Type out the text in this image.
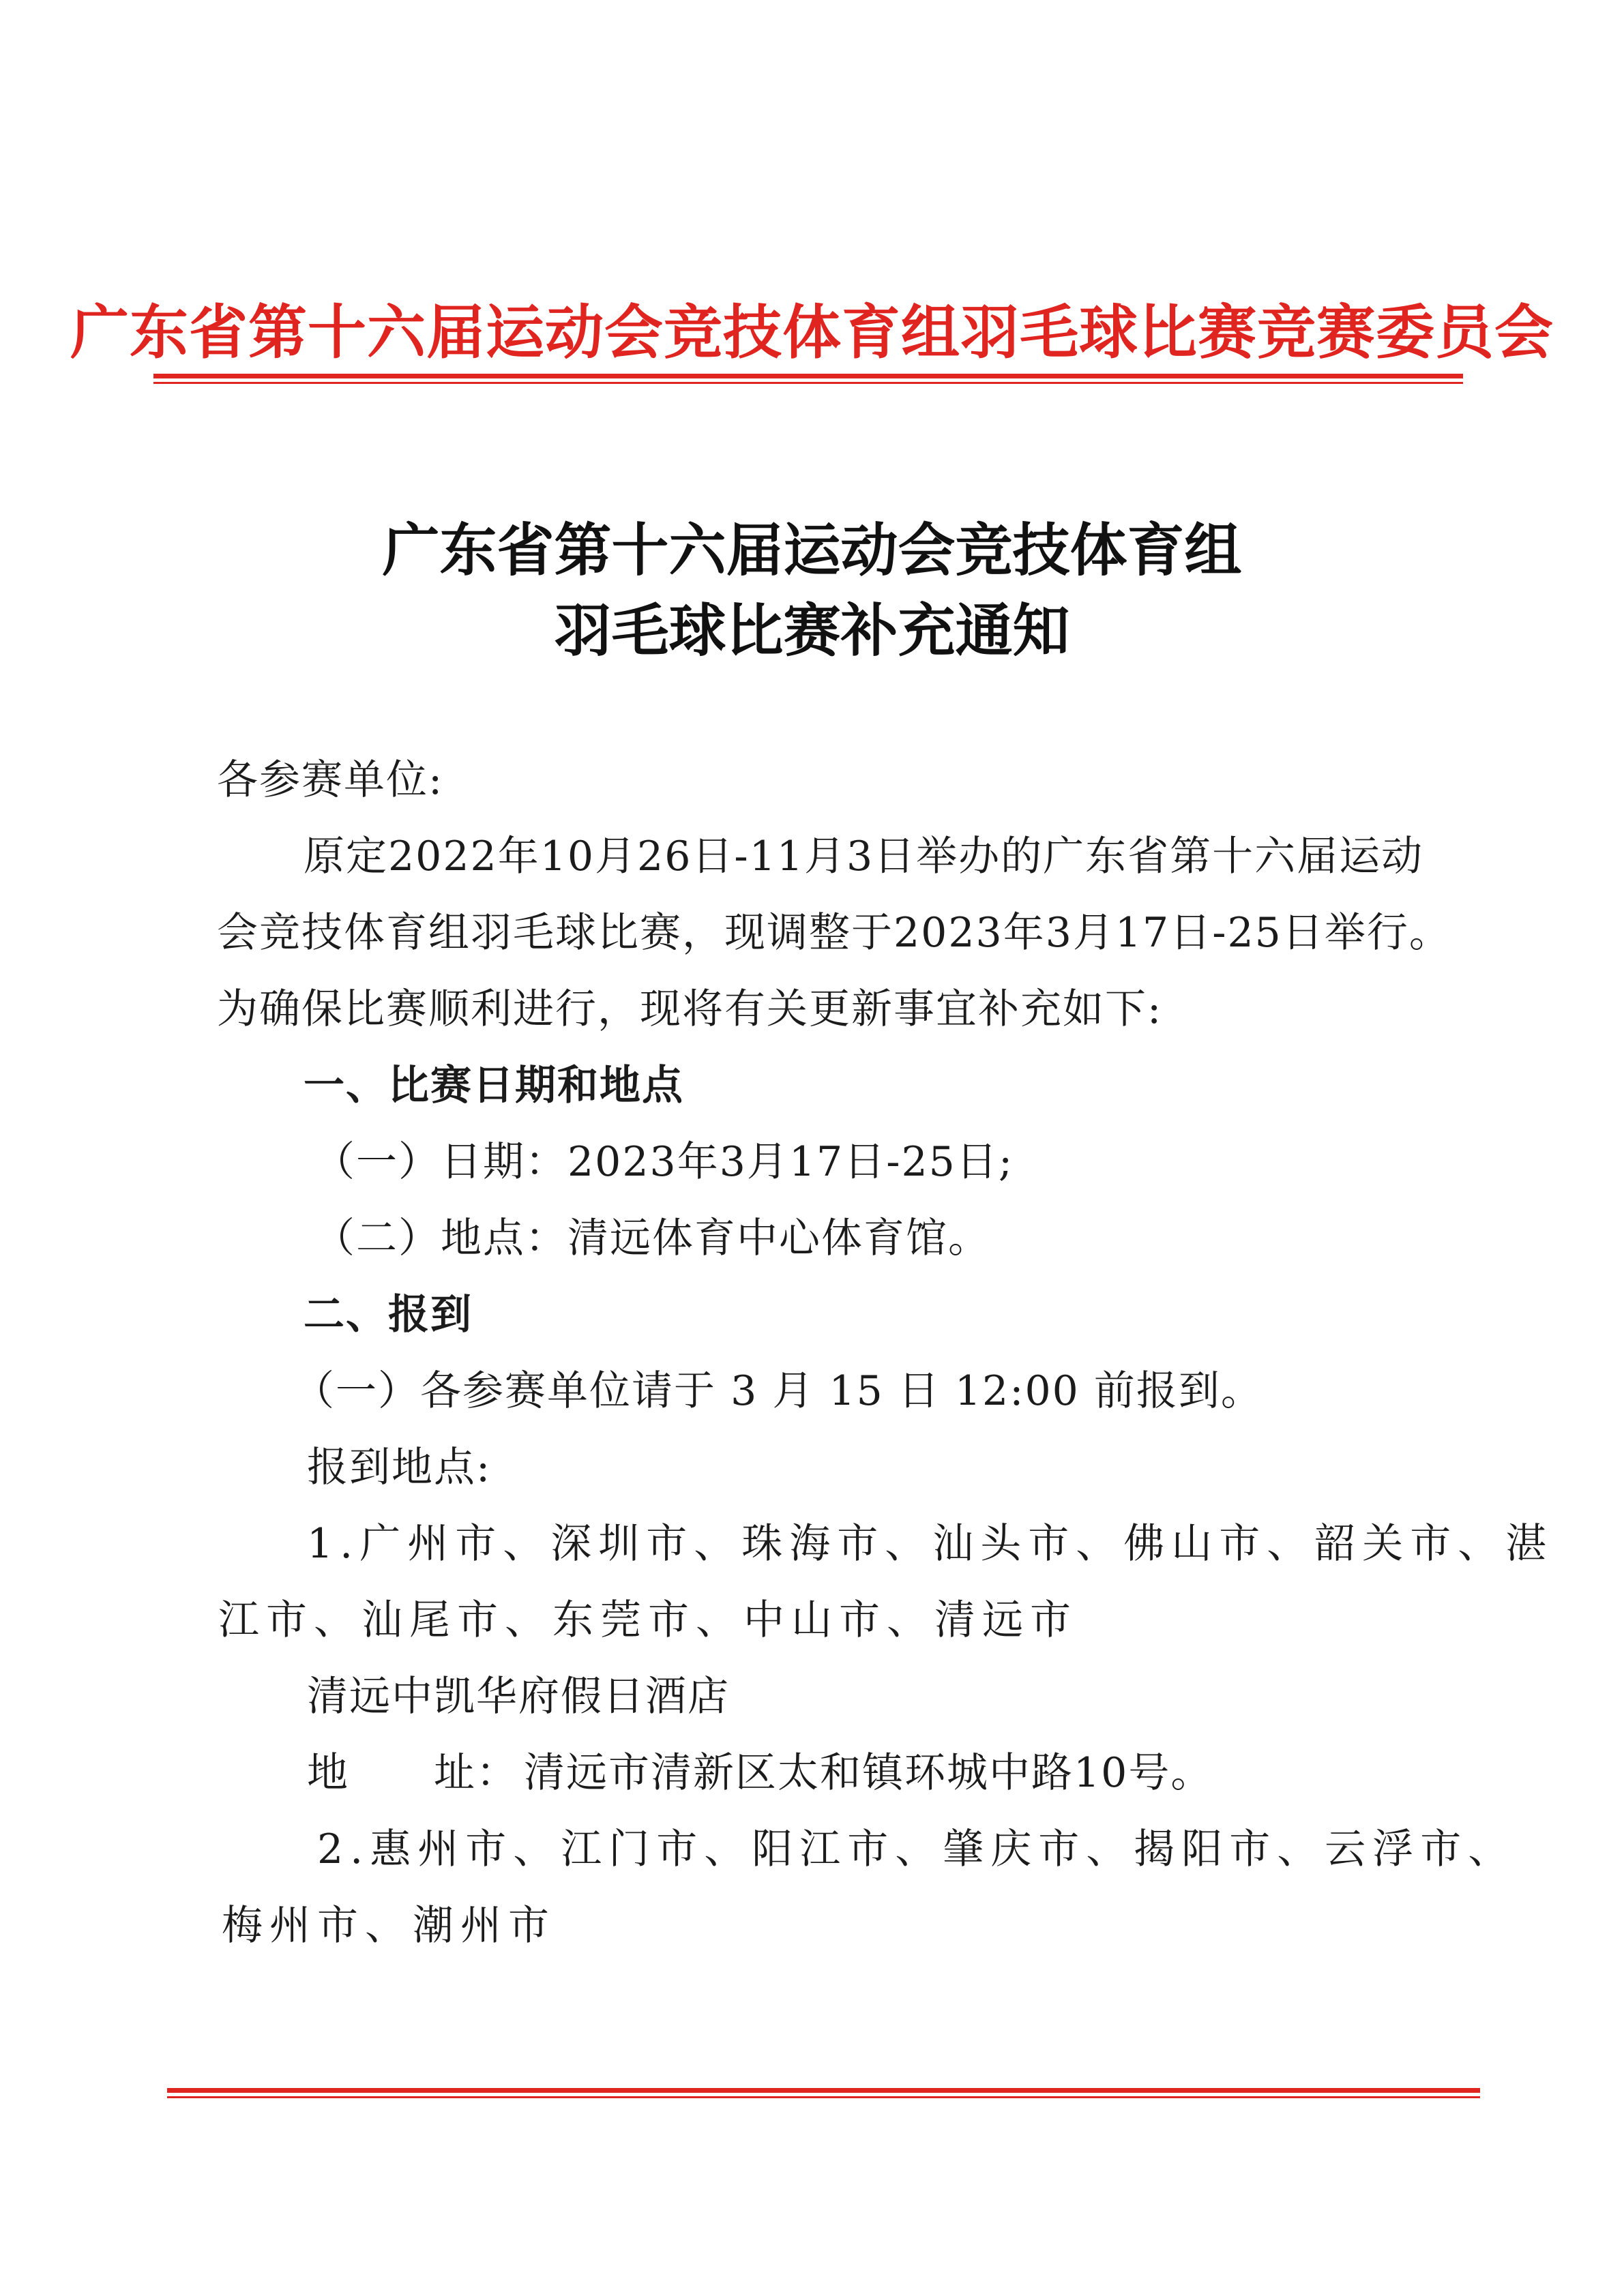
广东省第十六届运动会竞技体育组羽毛球比赛竞赛委员会
广东省第十六届运动会竞技体育组
羽毛球比赛补充通知
各参赛单位:
原定2022年10月26日-11月3日举办的广东省第十六届运动
会竞技体育组羽毛球比赛，现调整于2023年3月17日-25日举行。
为确保比赛顺利进行，现将有关更新事宜补充如下:
一、比赛日期和地点
（一）日期：2023年3月17日-25日;
（二）地点：清远体育中心体育馆。
二、报到
（一）各参赛单位请于 3 月 15 日 12:00 前报到。
报到地点:
1.广州市、深圳市、珠海市、汕头市、佛山市、韶关市、湛
江市、汕尾市、东莞市、中山市、清远市
清远中凯华府假日酒店
地　　址： 清远市清新区太和镇环城中路10号。
2.惠州市、江门市、阳江市、肇庆市、揭阳市、云浮市、
梅州市、潮州市
